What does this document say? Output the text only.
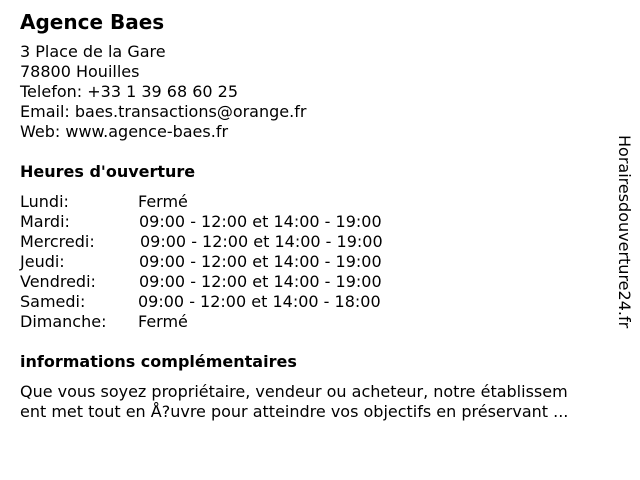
Agence Baes
3 Place de la Gare
78800 Houilles
Telefon: +33 1 39 68 60 25
Email: baes.transactions@orange.fr
Web: www.agence-baes.fr
Heures d'ouverture
Lundi:	Fermé
Mardi:	09:00 - 12:00 et 14:00 - 19:00
Mercredi:	09:00 - 12:00 et 14:00 - 19:00
Jeudi:	09:00 - 12:00 et 14:00 - 19:00
Vendredi:	09:00 - 12:00 et 14:00 - 19:00
Samedi:	09:00 - 12:00 et 14:00 - 18:00
Dimanche: Fermé
informations complémentaires
Que vous soyez propriétaire, vendeur ou acheteur, notre établissem
ent met tout en Å?uvre pour atteindre vos objectifs en préservant ...
Horairesdouverture24.fr
